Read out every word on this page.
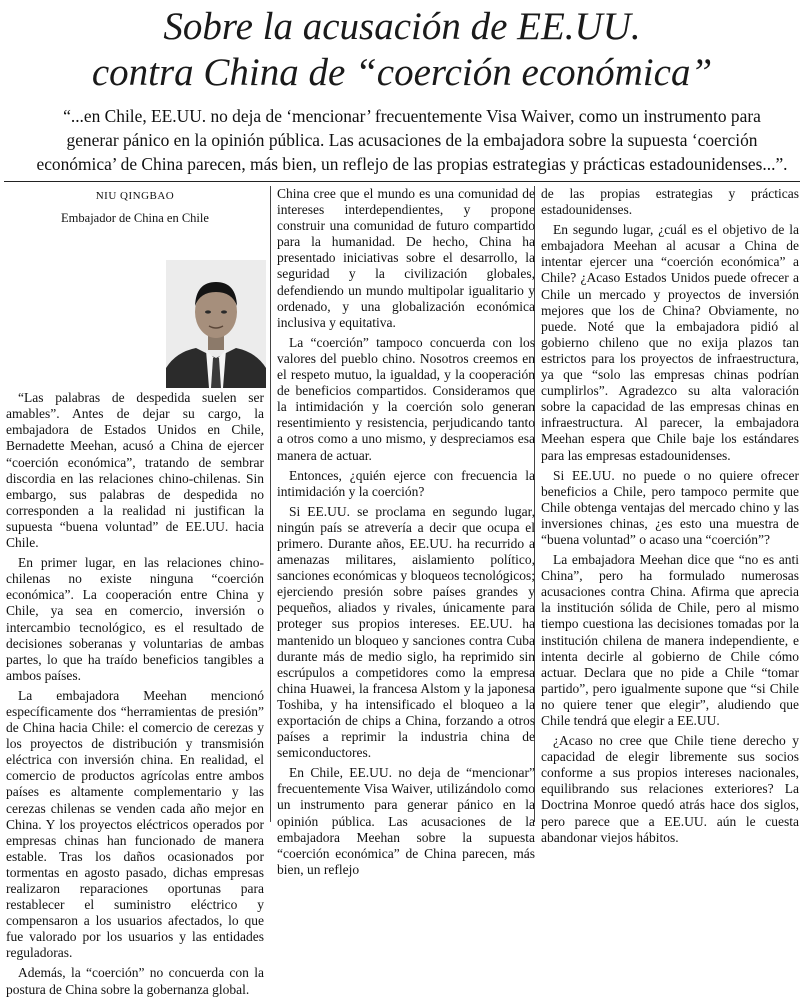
Sobre la acusación de EE.UU.
contra China de “coerción económica”

“...en Chile, EE.UU. no deja de ‘mencionar’ frecuentemente Visa Waiver, como un instrumento para generar pánico en la opinión pública. Las acusaciones de la embajadora sobre la supuesta ‘coerción económica’ de China parecen, más bien, un reflejo de las propias estrategias y prácticas estadounidenses...”.

NIU QINGBAO
Embajador de China en Chile

“Las palabras de despedida suelen ser amables”. Antes de dejar su cargo, la embajadora de Estados Unidos en Chile, Bernadette Meehan, acusó a China de ejercer “coerción económica”, tratando de sembrar discordia en las relaciones chino-chilenas. Sin embargo, sus palabras de despedida no corresponden a la realidad ni justifican la supuesta “buena voluntad” de EE.UU. hacia Chile.

En primer lugar, en las relaciones chino-chilenas no existe ninguna “coerción económica”. La cooperación entre China y Chile, ya sea en comercio, inversión o intercambio tecnológico, es el resultado de decisiones soberanas y voluntarias de ambas partes, lo que ha traído beneficios tangibles a ambos países.

La embajadora Meehan mencionó específicamente dos “herramientas de presión” de China hacia Chile: el comercio de cerezas y los proyectos de distribución y transmisión eléctrica con inversión china. En realidad, el comercio de productos agrícolas entre ambos países es altamente complementario y las cerezas chilenas se venden cada año mejor en China. Y los proyectos eléctricos operados por empresas chinas han funcionado de manera estable. Tras los daños ocasionados por tormentas en agosto pasado, dichas empresas realizaron reparaciones oportunas para restablecer el suministro eléctrico y compensaron a los usuarios afectados, lo que fue valorado por los usuarios y las entidades reguladoras.

Además, la “coerción” no concuerda con la postura de China sobre la gobernanza global.

China cree que el mundo es una comunidad de intereses interdependientes, y propone construir una comunidad de futuro compartido para la humanidad. De hecho, China ha presentado iniciativas sobre el desarrollo, la seguridad y la civilización globales, defendiendo un mundo multipolar igualitario y ordenado, y una globalización económica inclusiva y equitativa.

La “coerción” tampoco concuerda con los valores del pueblo chino. Nosotros creemos en el respeto mutuo, la igualdad, y la cooperación de beneficios compartidos. Consideramos que la intimidación y la coerción solo generan resentimiento y resistencia, perjudicando tanto a otros como a uno mismo, y despreciamos esa manera de actuar.

Entonces, ¿quién ejerce con frecuencia la intimidación y la coerción?

Si EE.UU. se proclama en segundo lugar, ningún país se atrevería a decir que ocupa el primero. Durante años, EE.UU. ha recurrido a amenazas militares, aislamiento político, sanciones económicas y bloqueos tecnológicos; ejerciendo presión sobre países grandes y pequeños, aliados y rivales, únicamente para proteger sus propios intereses. EE.UU. ha mantenido un bloqueo y sanciones contra Cuba durante más de medio siglo, ha reprimido sin escrúpulos a competidores como la empresa china Huawei, la francesa Alstom y la japonesa Toshiba, y ha intensificado el bloqueo a la exportación de chips a China, forzando a otros países a reprimir la industria china de semiconductores.

En Chile, EE.UU. no deja de “mencionar” frecuentemente Visa Waiver, utilizándolo como un instrumento para generar pánico en la opinión pública. Las acusaciones de la embajadora Meehan sobre la supuesta “coerción económica” de China parecen, más bien, un reflejo

de las propias estrategias y prácticas estadounidenses.

En segundo lugar, ¿cuál es el objetivo de la embajadora Meehan al acusar a China de intentar ejercer una “coerción económica” a Chile? ¿Acaso Estados Unidos puede ofrecer a Chile un mercado y proyectos de inversión mejores que los de China? Obviamente, no puede. Noté que la embajadora pidió al gobierno chileno que no exija plazos tan estrictos para los proyectos de infraestructura, ya que “solo las empresas chinas podrían cumplirlos”. Agradezco su alta valoración sobre la capacidad de las empresas chinas en infraestructura. Al parecer, la embajadora Meehan espera que Chile baje los estándares para las empresas estadounidenses.

Si EE.UU. no puede o no quiere ofrecer beneficios a Chile, pero tampoco permite que Chile obtenga ventajas del mercado chino y las inversiones chinas, ¿es esto una muestra de “buena voluntad” o acaso una “coerción”?

La embajadora Meehan dice que “no es anti China”, pero ha formulado numerosas acusaciones contra China. Afirma que aprecia la institución sólida de Chile, pero al mismo tiempo cuestiona las decisiones tomadas por la institución chilena de manera independiente, e intenta decirle al gobierno de Chile cómo actuar. Declara que no pide a Chile “tomar partido”, pero igualmente supone que “si Chile no quiere tener que elegir”, aludiendo que Chile tendrá que elegir a EE.UU.

¿Acaso no cree que Chile tiene derecho y capacidad de elegir libremente sus socios conforme a sus propios intereses nacionales, equilibrando sus relaciones exteriores? La Doctrina Monroe quedó atrás hace dos siglos, pero parece que a EE.UU. aún le cuesta abandonar viejos hábitos.
